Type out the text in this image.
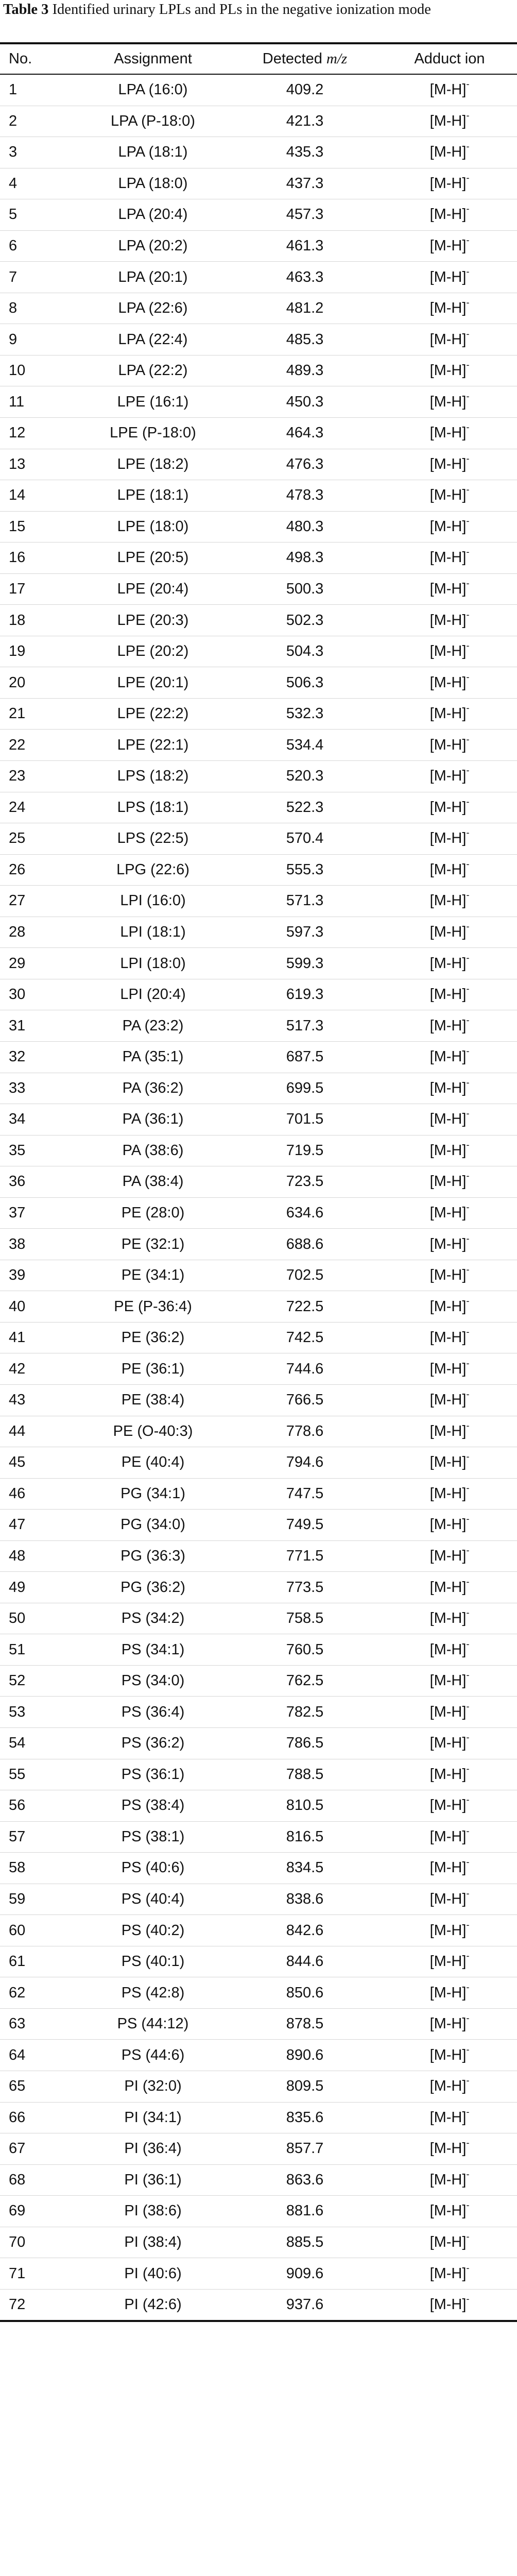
Table 3 Identified urinary LPLs and PLs in the negative ionization mode
No.	Assignment	Detected m/z	Adduct ion
1	LPA (16:0)	409.2	[M-H]-
2	LPA (P-18:0)	421.3	[M-H]-
3	LPA (18:1)	435.3	[M-H]-
4	LPA (18:0)	437.3	[M-H]-
5	LPA (20:4)	457.3	[M-H]-
6	LPA (20:2)	461.3	[M-H]-
7	LPA (20:1)	463.3	[M-H]-
8	LPA (22:6)	481.2	[M-H]-
9	LPA (22:4)	485.3	[M-H]-
10	LPA (22:2)	489.3	[M-H]-
11	LPE (16:1)	450.3	[M-H]-
12	LPE (P-18:0)	464.3	[M-H]-
13	LPE (18:2)	476.3	[M-H]-
14	LPE (18:1)	478.3	[M-H]-
15	LPE (18:0)	480.3	[M-H]-
16	LPE (20:5)	498.3	[M-H]-
17	LPE (20:4)	500.3	[M-H]-
18	LPE (20:3)	502.3	[M-H]-
19	LPE (20:2)	504.3	[M-H]-
20	LPE (20:1)	506.3	[M-H]-
21	LPE (22:2)	532.3	[M-H]-
22	LPE (22:1)	534.4	[M-H]-
23	LPS (18:2)	520.3	[M-H]-
24	LPS (18:1)	522.3	[M-H]-
25	LPS (22:5)	570.4	[M-H]-
26	LPG (22:6)	555.3	[M-H]-
27	LPI (16:0)	571.3	[M-H]-
28	LPI (18:1)	597.3	[M-H]-
29	LPI (18:0)	599.3	[M-H]-
30	LPI (20:4)	619.3	[M-H]-
31	PA (23:2)	517.3	[M-H]-
32	PA (35:1)	687.5	[M-H]-
33	PA (36:2)	699.5	[M-H]-
34	PA (36:1)	701.5	[M-H]-
35	PA (38:6)	719.5	[M-H]-
36	PA (38:4)	723.5	[M-H]-
37	PE (28:0)	634.6	[M-H]-
38	PE (32:1)	688.6	[M-H]-
39	PE (34:1)	702.5	[M-H]-
40	PE (P-36:4)	722.5	[M-H]-
41	PE (36:2)	742.5	[M-H]-
42	PE (36:1)	744.6	[M-H]-
43	PE (38:4)	766.5	[M-H]-
44	PE (O-40:3)	778.6	[M-H]-
45	PE (40:4)	794.6	[M-H]-
46	PG (34:1)	747.5	[M-H]-
47	PG (34:0)	749.5	[M-H]-
48	PG (36:3)	771.5	[M-H]-
49	PG (36:2)	773.5	[M-H]-
50	PS (34:2)	758.5	[M-H]-
51	PS (34:1)	760.5	[M-H]-
52	PS (34:0)	762.5	[M-H]-
53	PS (36:4)	782.5	[M-H]-
54	PS (36:2)	786.5	[M-H]-
55	PS (36:1)	788.5	[M-H]-
56	PS (38:4)	810.5	[M-H]-
57	PS (38:1)	816.5	[M-H]-
58	PS (40:6)	834.5	[M-H]-
59	PS (40:4)	838.6	[M-H]-
60	PS (40:2)	842.6	[M-H]-
61	PS (40:1)	844.6	[M-H]-
62	PS (42:8)	850.6	[M-H]-
63	PS (44:12)	878.5	[M-H]-
64	PS (44:6)	890.6	[M-H]-
65	PI (32:0)	809.5	[M-H]-
66	PI (34:1)	835.6	[M-H]-
67	PI (36:4)	857.7	[M-H]-
68	PI (36:1)	863.6	[M-H]-
69	PI (38:6)	881.6	[M-H]-
70	PI (38:4)	885.5	[M-H]-
71	PI (40:6)	909.6	[M-H]-
72	PI (42:6)	937.6	[M-H]-
